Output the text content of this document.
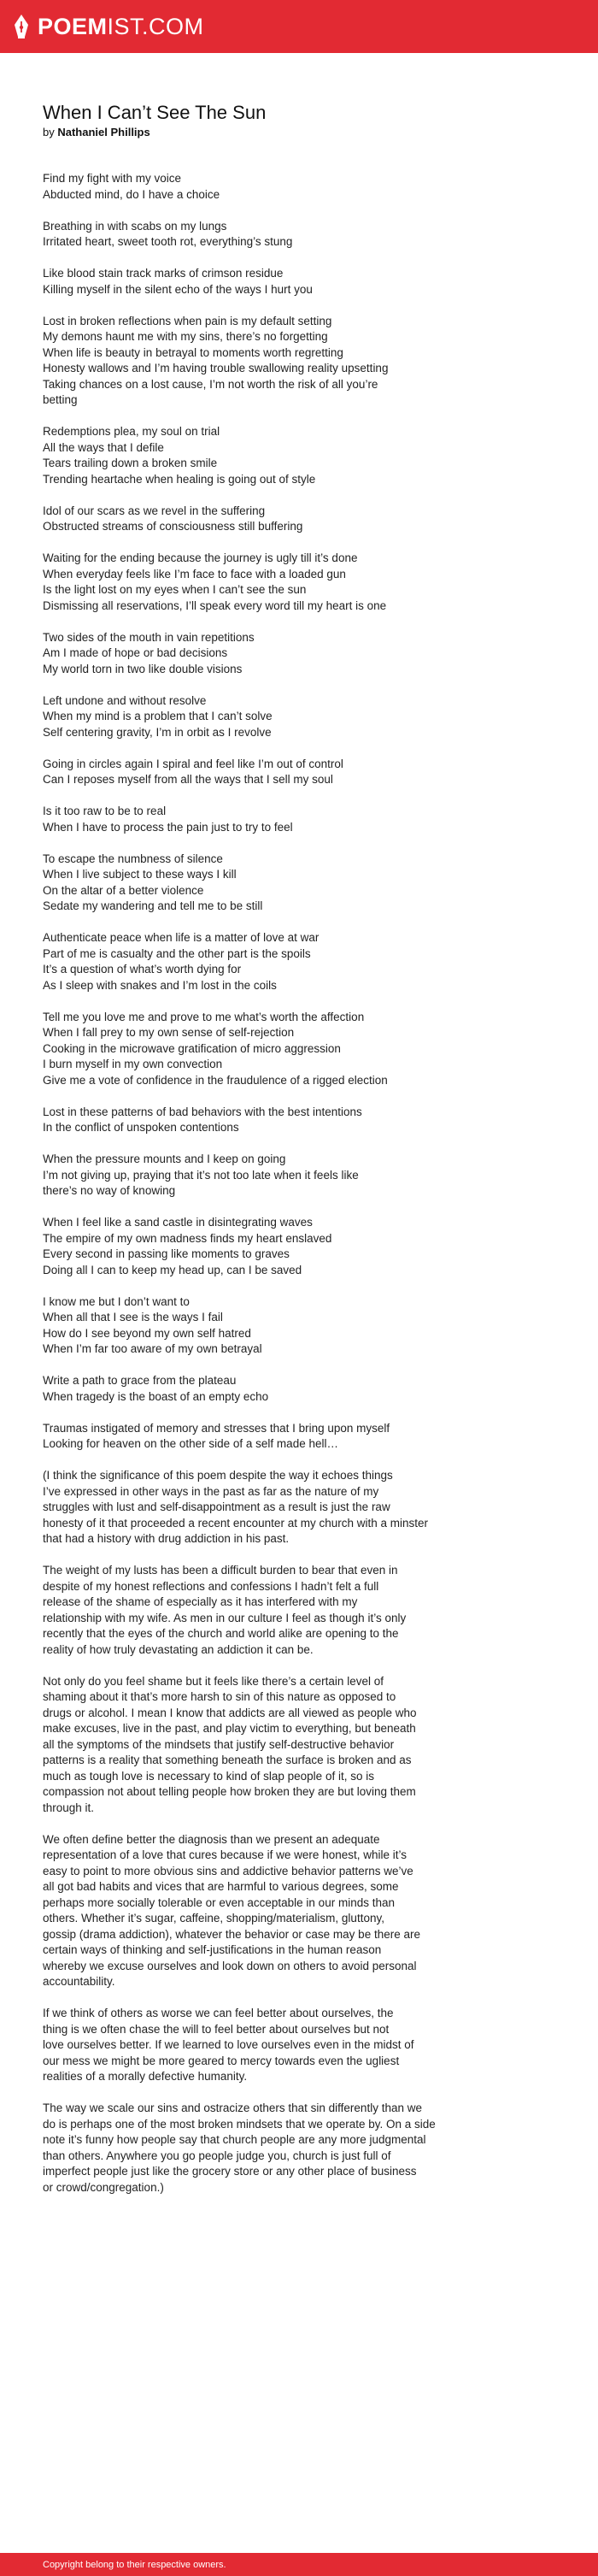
POEMIST.COM
When I Can’t See The Sun
by Nathaniel Phillips
Find my fight with my voice
Abducted mind, do I have a choice
Breathing in with scabs on my lungs
Irritated heart, sweet tooth rot, everything’s stung
Like blood stain track marks of crimson residue
Killing myself in the silent echo of the ways I hurt you
Lost in broken reflections when pain is my default setting
My demons haunt me with my sins, there’s no forgetting
When life is beauty in betrayal to moments worth regretting
Honesty wallows and I’m having trouble swallowing reality upsetting
Taking chances on a lost cause, I’m not worth the risk of all you’re
betting
Redemptions plea, my soul on trial
All the ways that I defile
Tears trailing down a broken smile
Trending heartache when healing is going out of style
Idol of our scars as we revel in the suffering
Obstructed streams of consciousness still buffering
Waiting for the ending because the journey is ugly till it’s done
When everyday feels like I’m face to face with a loaded gun
Is the light lost on my eyes when I can’t see the sun
Dismissing all reservations, I’ll speak every word till my heart is one
Two sides of the mouth in vain repetitions
Am I made of hope or bad decisions
My world torn in two like double visions
Left undone and without resolve
When my mind is a problem that I can’t solve
Self centering gravity, I’m in orbit as I revolve
Going in circles again I spiral and feel like I’m out of control
Can I reposes myself from all the ways that I sell my soul
Is it too raw to be to real
When I have to process the pain just to try to feel
To escape the numbness of silence
When I live subject to these ways I kill
On the altar of a better violence
Sedate my wandering and tell me to be still
Authenticate peace when life is a matter of love at war
Part of me is casualty and the other part is the spoils
It’s a question of what’s worth dying for
As I sleep with snakes and I’m lost in the coils
Tell me you love me and prove to me what’s worth the affection
When I fall prey to my own sense of self-rejection
Cooking in the microwave gratification of micro aggression
I burn myself in my own convection
Give me a vote of confidence in the fraudulence of a rigged election
Lost in these patterns of bad behaviors with the best intentions
In the conflict of unspoken contentions
When the pressure mounts and I keep on going
I’m not giving up, praying that it’s not too late when it feels like
there’s no way of knowing
When I feel like a sand castle in disintegrating waves
The empire of my own madness finds my heart enslaved
Every second in passing like moments to graves
Doing all I can to keep my head up, can I be saved
I know me but I don’t want to
When all that I see is the ways I fail
How do I see beyond my own self hatred
When I’m far too aware of my own betrayal
Write a path to grace from the plateau
When tragedy is the boast of an empty echo
Traumas instigated of memory and stresses that I bring upon myself
Looking for heaven on the other side of a self made hell…
(I think the significance of this poem despite the way it echoes things
I’ve expressed in other ways in the past as far as the nature of my
struggles with lust and self-disappointment as a result is just the raw
honesty of it that proceeded a recent encounter at my church with a minster
that had a history with drug addiction in his past.
The weight of my lusts has been a difficult burden to bear that even in
despite of my honest reflections and confessions I hadn’t felt a full
release of the shame of especially as it has interfered with my
relationship with my wife. As men in our culture I feel as though it’s only
recently that the eyes of the church and world alike are opening to the
reality of how truly devastating an addiction it can be.
Not only do you feel shame but it feels like there’s a certain level of
shaming about it that’s more harsh to sin of this nature as opposed to
drugs or alcohol. I mean I know that addicts are all viewed as people who
make excuses, live in the past, and play victim to everything, but beneath
all the symptoms of the mindsets that justify self-destructive behavior
patterns is a reality that something beneath the surface is broken and as
much as tough love is necessary to kind of slap people of it, so is
compassion not about telling people how broken they are but loving them
through it.
We often define better the diagnosis than we present an adequate
representation of a love that cures because if we were honest, while it’s
easy to point to more obvious sins and addictive behavior patterns we’ve
all got bad habits and vices that are harmful to various degrees, some
perhaps more socially tolerable or even acceptable in our minds than
others. Whether it’s sugar, caffeine, shopping/materialism, gluttony,
gossip (drama addiction), whatever the behavior or case may be there are
certain ways of thinking and self-justifications in the human reason
whereby we excuse ourselves and look down on others to avoid personal
accountability.
If we think of others as worse we can feel better about ourselves, the
thing is we often chase the will to feel better about ourselves but not
love ourselves better. If we learned to love ourselves even in the midst of
our mess we might be more geared to mercy towards even the ugliest
realities of a morally defective humanity.
The way we scale our sins and ostracize others that sin differently than we
do is perhaps one of the most broken mindsets that we operate by. On a side
note it’s funny how people say that church people are any more judgmental
than others. Anywhere you go people judge you, church is just full of
imperfect people just like the grocery store or any other place of business
or crowd/congregation.)
Copyright belong to their respective owners.
